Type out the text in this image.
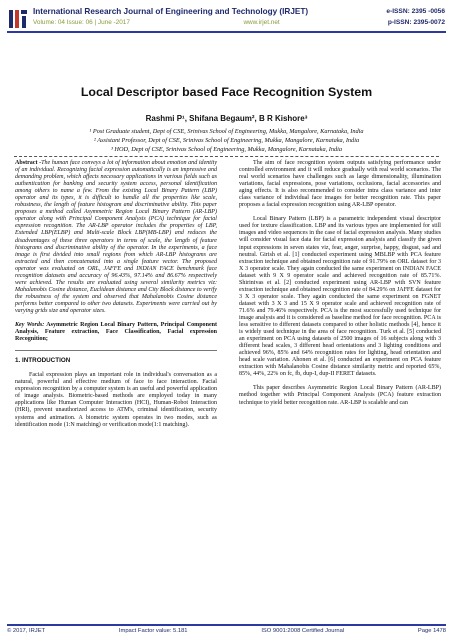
International Research Journal of Engineering and Technology (IRJET)
Volume: 04 Issue: 06 | June -2017	www.irjet.net
e-ISSN: 2395 -0056
p-ISSN: 2395-0072
Local Descriptor based Face Recognition System
Rashmi P¹, Shifana Begaum², B R Kishore³
¹ Post Graduate student, Dept of CSE, Srinivas School of Engineering, Mukka, Mangalore, Karnataka, India
² Assistant Professor, Dept of CSE, Srinivas School of Engineering, Mukka, Mangalore, Karnataka, India
³ HOD, Dept of CSE, Srinivas School of Engineering, Mukka, Mangalore, Karnataka, India

Abstract -The human face conveys a lot of information about emotion and identity of an individual. Recognizing facial expression automatically is an impressive and demanding problem, which affects necessary applications in various fields such as authentication for banking and security system access, personal identification among others to name a few. From the existing Local Binary Pattern (LBP) operator and its types, it is difficult to handle all the properties like scale, robustness, the length of feature histogram and discriminative ability. This paper proposes a method called Asymmetric Region Local Binary Pattern (AR-LBP) operator along with Principal Component Analysis (PCA) technique for facial expression recognition. The AR-LBP operator includes the properties of LBP, Extended LBP(ELBP) and Multi-scale Block LBP(MB-LBP) and reduces the disadvantages of these three operators in terms of scale, the length of feature histograms and discriminative ability of the operator. In the experiments, a face image is first divided into small regions from which AR-LBP histograms are extracted and then concatenated into a single feature vector. The proposed operator was evaluated on ORL, JAFFE and INDIAN FACE benchmark face recognition datasets and accuracy of 96.43%, 97.14% and 86.67% respectively were achieved. The results are evaluated using several similarity metrics viz: Mahalanobis Cosine distance, Euclidean distance and City Block distance to verify the robustness of the system and observed that Mahalanobis Cosine distance performs better compared to other two datasets. Experiments were carried out by varying grids size and operator sizes.

Key Words: Asymmetric Region Local Binary Pattern, Principal Component Analysis, Feature extraction, Face Classification, Facial expression Recognition;

1. INTRODUCTION

Facial expression plays an important role in individual's conversation as a natural, powerful and effective medium of face to face interaction. Facial expression recognition by a computer system is an useful and powerful application of image analysis. Biometric-based methods are employed today in many applications like Human Computer Interaction (HCI), Human-Robot Interaction (HRI), prevent unauthorized access to ATM's, criminal identification, security systems and animation. A biometric system operates in two modes, such as identification mode (1:N matching) or verification mode(1:1 matching).

The aim of face recognition system outputs satisfying performance under controlled environment and it will reduce gradually with real world scenarios. The real world scenarios have challenges such as large dimensionality, illumination variations, facial expressions, pose variations, occlusions, facial accessories and aging effects. It is also recommended to consider intra class variance and inter class variance of individual face images for better recognition rate. This paper proposes a facial expression recognition using AR-LBP operator.

Local Binary Pattern (LBP) is a parametric independent visual descriptor used for texture classification. LBP and its various types are implemented for still images and video sequences in the case of facial expression analysis. Many studies will consider visual face data for facial expression analysis and classify the given input expressions in seven states viz, fear, anger, surprise, happy, disgust, sad and neutral. Girish et al. [1] conducted experiment using MBLBP with PCA feature extraction technique and obtained recognition rate of 91.79% on ORL dataset for 3 X 3 operator scale. They again conducted the same experiment on INDIAN FACE dataset with 9 X 9 operator scale and achieved recognition rate of 85.71%. Shirinivas et al. [2] conducted experiment using AR-LBP with SVN feature extraction technique and obtained recognition rate of 84.29% on JAFFE dataset for 3 X 3 operator scale. They again conducted the same experiment on FGNET dataset with 3 X 3 and 15 X 9 operator scale and achieved recognition rate of 71.6% and 79.46% respectively. PCA is the most successfully used technique for image analysis and it is considered as baseline method for face recognition. PCA is less sensitive to different datasets compared to other holistic methods [4], hence it is widely used technique in the area of face recognition. Turk et al. [5] conducted an experiment on PCA using datasets of 2500 images of 16 subjects along with 3 different head scales, 3 different head orientations and 3 lighting conditions and achieved 96%, 85% and 64% recognition rates for lighting, head orientation and head scale variation. Ahonen et al. [6] conducted an experiment on PCA feature extraction with Mahalanobis Cosine distance similarity metric and reported 65%, 85%, 44%, 22% on fc, fb, dup-I, dup-II FERET datasets.

This paper describes Asymmetric Region Local Binary Pattern (AR-LBP) method together with Principal Component Analysis (PCA) feature extraction technique to yield better recognition rate. AR-LBP is scalable and can

© 2017, IRJET	Impact Factor value: 5.181	ISO 9001:2008 Certified Journal	Page 1478
